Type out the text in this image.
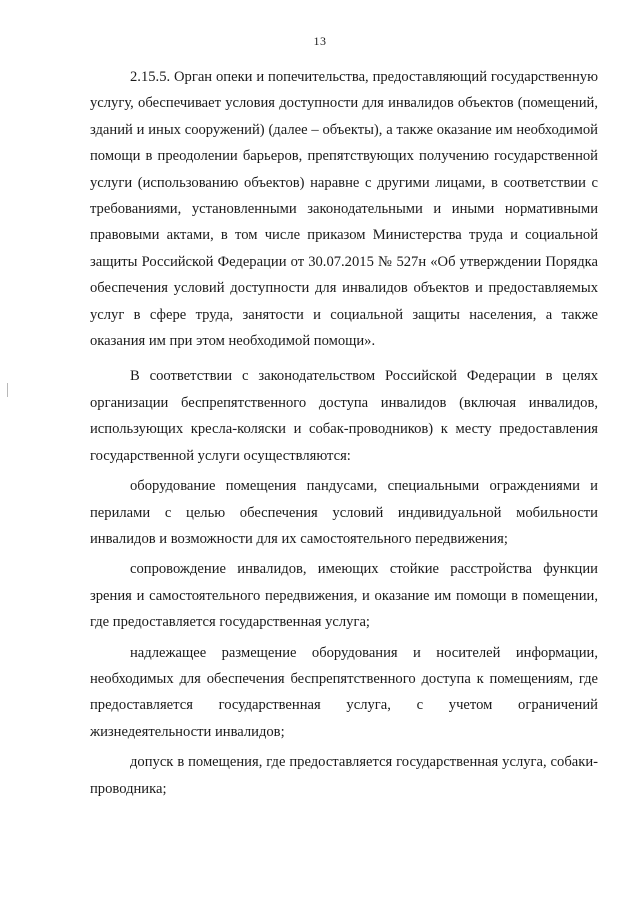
13

2.15.5. Орган опеки и попечительства, предоставляющий государственную услугу, обеспечивает условия доступности для инвалидов объектов (помещений, зданий и иных сооружений) (далее – объекты), а также оказание им необходимой помощи в преодолении барьеров, препятствующих получению государственной услуги (использованию объектов) наравне с другими лицами, в соответствии с требованиями, установленными законодательными и иными нормативными правовыми актами, в том числе приказом Министерства труда и социальной защиты Российской Федерации от 30.07.2015 № 527н «Об утверждении Порядка обеспечения условий доступности для инвалидов объектов и предоставляемых услуг в сфере труда, занятости и социальной защиты населения, а также оказания им при этом необходимой помощи».

В соответствии с законодательством Российской Федерации в целях организации беспрепятственного доступа инвалидов (включая инвалидов, использующих кресла-коляски и собак-проводников) к месту предоставления государственной услуги осуществляются:

оборудование помещения пандусами, специальными ограждениями и перилами с целью обеспечения условий индивидуальной мобильности инвалидов и возможности для их самостоятельного передвижения;

сопровождение инвалидов, имеющих стойкие расстройства функции зрения и самостоятельного передвижения, и оказание им помощи в помещении, где предоставляется государственная услуга;

надлежащее размещение оборудования и носителей информации, необходимых для обеспечения беспрепятственного доступа к помещениям, где предоставляется государственная услуга, с учетом ограничений жизнедеятельности инвалидов;

допуск в помещения, где предоставляется государственная услуга, собаки-проводника;
